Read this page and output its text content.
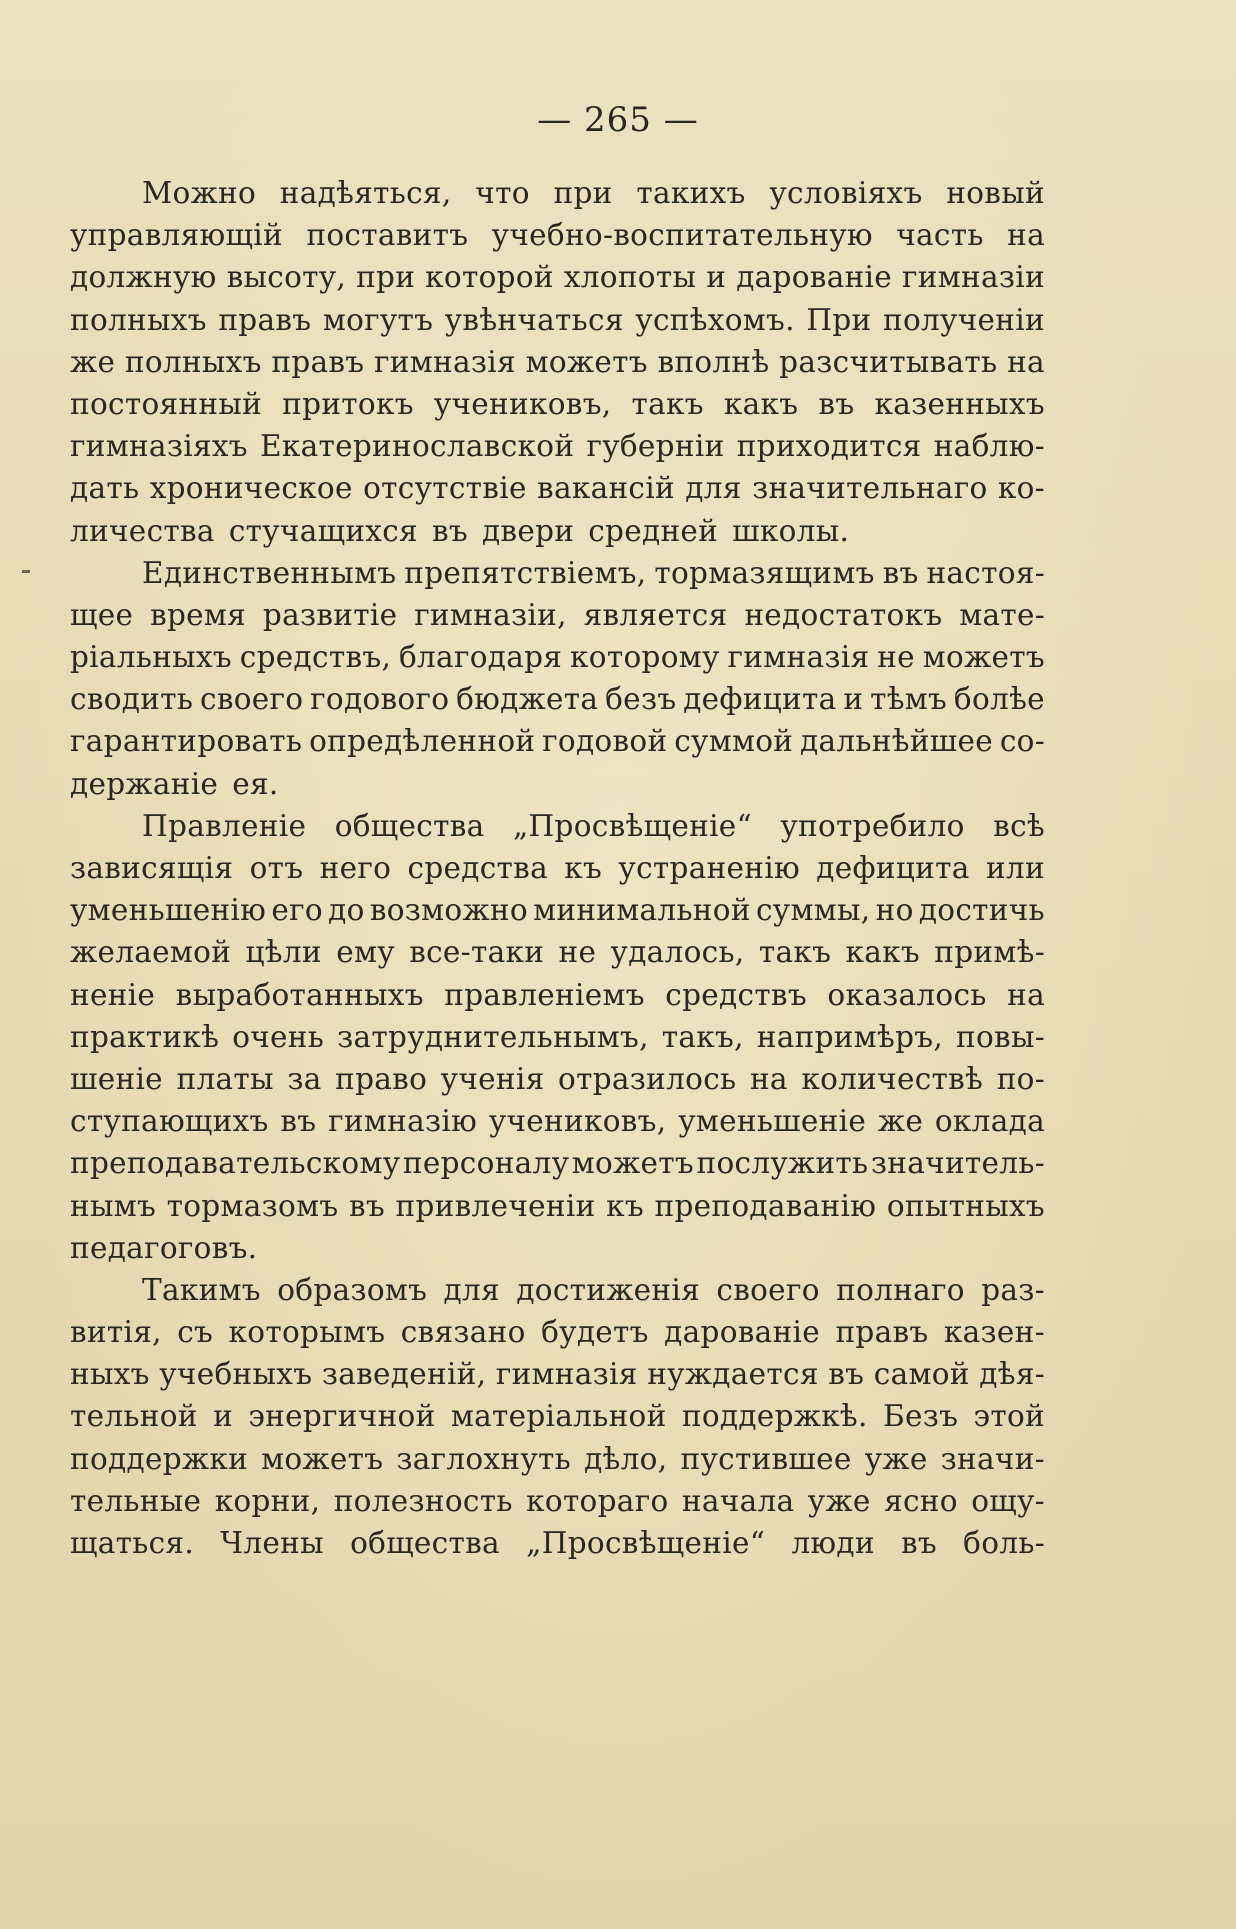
— 265 —
Можно надѣяться, что при такихъ условіяхъ новый
управляющій поставитъ учебно-воспитательную часть на
должную высоту, при которой хлопоты и дарованіе гимназіи
полныхъ правъ могутъ увѣнчаться успѣхомъ. При полученіи
же полныхъ правъ гимназія можетъ вполнѣ разсчитывать на
постоянный притокъ учениковъ, такъ какъ въ казенныхъ
гимназіяхъ Екатеринославской губерніи приходится наблю-
дать хроническое отсутствіе вакансій для значительнаго ко-
личества стучащихся въ двери средней школы.
Единственнымъ препятствіемъ, тормазящимъ въ настоя-
щее время развитіе гимназіи, является недостатокъ мате-
ріальныхъ средствъ, благодаря которому гимназія не можетъ
сводить своего годового бюджета безъ дефицита и тѣмъ болѣе
гарантировать опредѣленной годовой суммой дальнѣйшее со-
держаніе ея.
Правленіе общества „Просвѣщеніе“ употребило всѣ
зависящія отъ него средства къ устраненію дефицита или
уменьшенію его до возможно минимальной суммы, но достичь
желаемой цѣли ему все-таки не удалось, такъ какъ примѣ-
неніе выработанныхъ правленіемъ средствъ оказалось на
практикѣ очень затруднительнымъ, такъ, напримѣръ, повы-
шеніе платы за право ученія отразилось на количествѣ по-
ступающихъ въ гимназію учениковъ, уменьшеніе же оклада
преподавательскому персоналу можетъ послужить значитель-
нымъ тормазомъ въ привлеченіи къ преподаванію опытныхъ
педагоговъ.
Такимъ образомъ для достиженія своего полнаго раз-
витія, съ которымъ связано будетъ дарованіе правъ казен-
ныхъ учебныхъ заведеній, гимназія нуждается въ самой дѣя-
тельной и энергичной матеріальной поддержкѣ. Безъ этой
поддержки можетъ заглохнуть дѣло, пустившее уже значи-
тельные корни, полезность котораго начала уже ясно ощу-
щаться. Члены общества „Просвѣщеніе“ люди въ боль-
